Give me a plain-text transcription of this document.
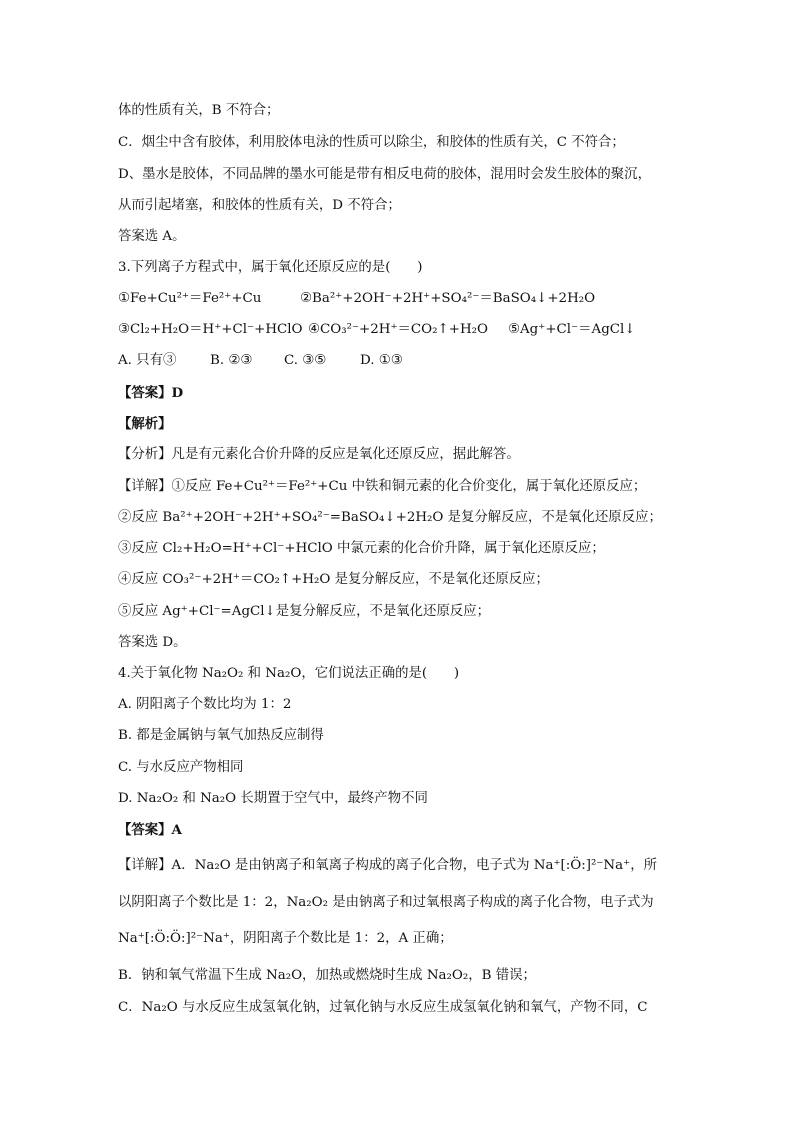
体的性质有关，B 不符合；
C．烟尘中含有胶体，利用胶体电泳的性质可以除尘，和胶体的性质有关，C 不符合；
D、墨水是胶体，不同品牌的墨水可能是带有相反电荷的胶体，混用时会发生胶体的聚沉，
从而引起堵塞，和胶体的性质有关，D 不符合；
答案选 A。
3.下列离子方程式中，属于氧化还原反应的是(　　)
①Fe+Cu²⁺＝Fe²⁺+Cu	②Ba²⁺+2OH⁻+2H⁺+SO₄²⁻＝BaSO₄↓+2H₂O
③Cl₂+H₂O＝H⁺+Cl⁻+HClO ④CO₃²⁻+2H⁺＝CO₂↑+H₂O ⑤Ag⁺+Cl⁻＝AgCl↓
A. 只有③	B. ②③ C. ③⑤	D. ①③
【答案】D
【解析】
【分析】凡是有元素化合价升降的反应是氧化还原反应，据此解答。
【详解】①反应 Fe+Cu²⁺＝Fe²⁺+Cu 中铁和铜元素的化合价变化，属于氧化还原反应；
②反应 Ba²⁺+2OH⁻+2H⁺+SO₄²⁻=BaSO₄↓+2H₂O 是复分解反应，不是氧化还原反应；
③反应 Cl₂+H₂O=H⁺+Cl⁻+HClO 中氯元素的化合价升降，属于氧化还原反应；
④反应 CO₃²⁻+2H⁺＝CO₂↑+H₂O 是复分解反应，不是氧化还原反应；
⑤反应 Ag⁺+Cl⁻=AgCl↓是复分解反应，不是氧化还原反应；
答案选 D。
4.关于氧化物 Na₂O₂ 和 Na₂O，它们说法正确的是(　　)
A. 阴阳离子个数比均为 1：2
B. 都是金属钠与氧气加热反应制得
C. 与水反应产物相同
D. Na₂O₂ 和 Na₂O 长期置于空气中，最终产物不同
【答案】A
【详解】A．Na₂O 是由钠离子和氧离子构成的离子化合物，电子式为 Na⁺[:Ö:]²⁻Na⁺，所
以阴阳离子个数比是 1：2，Na₂O₂ 是由钠离子和过氧根离子构成的离子化合物，电子式为
Na⁺[:Ö:Ö:]²⁻Na⁺，阴阳离子个数比是 1：2，A 正确；
B．钠和氧气常温下生成 Na₂O，加热或燃烧时生成 Na₂O₂，B 错误；
C．Na₂O 与水反应生成氢氧化钠，过氧化钠与水反应生成氢氧化钠和氧气，产物不同，C
